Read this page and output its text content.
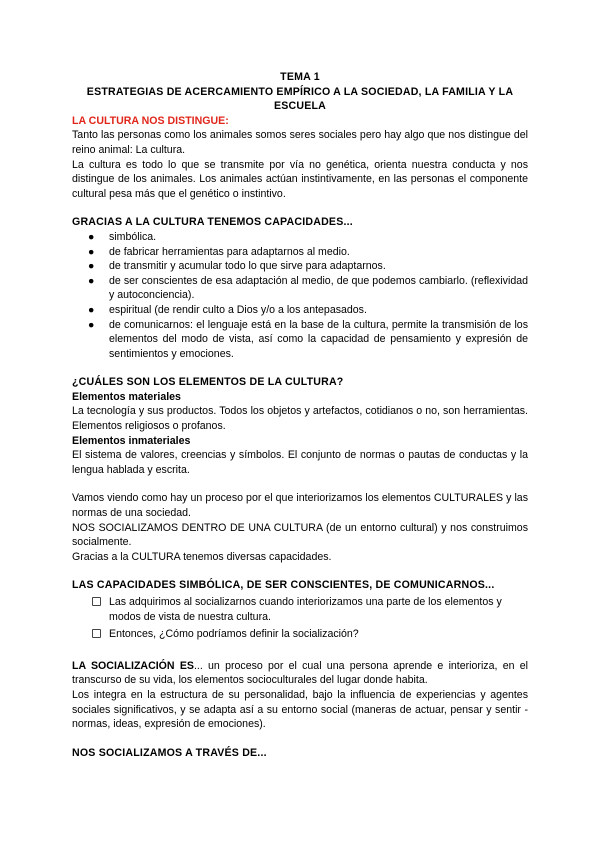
TEMA 1

ESTRATEGIAS DE ACERCAMIENTO EMPÍRICO A LA SOCIEDAD, LA FAMILIA Y LA

ESCUELA

LA CULTURA NOS DISTINGUE:

Tanto las personas como los animales somos seres sociales pero hay algo que nos distingue del reino animal: La cultura.

La cultura es todo lo que se transmite por vía no genética, orienta nuestra conducta y nos distingue de los animales. Los animales actúan instintivamente, en las personas el componente cultural pesa más que el genético o instintivo.

GRACIAS A LA CULTURA TENEMOS CAPACIDADES...

● simbólica.
● de fabricar herramientas para adaptarnos al medio.
● de transmitir y acumular todo lo que sirve para adaptarnos.
● de ser conscientes de esa adaptación al medio, de que podemos cambiarlo. (reflexividad y autoconciencia).
● espiritual (de rendir culto a Dios y/o a los antepasados.
● de comunicarnos: el lenguaje está en la base de la cultura, permite la transmisión de los elementos del modo de vista, así como la capacidad de pensamiento y expresión de sentimientos y emociones.

¿CUÁLES SON LOS ELEMENTOS DE LA CULTURA?

Elementos materiales

La tecnología y sus productos. Todos los objetos y artefactos, cotidianos o no, son herramientas. Elementos religiosos o profanos.

Elementos inmateriales

El sistema de valores, creencias y símbolos. El conjunto de normas o pautas de conductas y la lengua hablada y escrita.

Vamos viendo como hay un proceso por el que interiorizamos los elementos CULTURALES y las normas de una sociedad.

NOS SOCIALIZAMOS DENTRO DE UNA CULTURA (de un entorno cultural) y nos construimos socialmente.

Gracias a la CULTURA tenemos diversas capacidades.

LAS CAPACIDADES SIMBÓLICA, DE SER CONSCIENTES, DE COMUNICARNOS...

Las adquirimos al socializarnos cuando interiorizamos una parte de los elementos y modos de vista de nuestra cultura.
Entonces, ¿Cómo podríamos definir la socialización?

LA SOCIALIZACIÓN ES... un proceso por el cual una persona aprende e interioriza, en el transcurso de su vida, los elementos socioculturales del lugar donde habita.

Los integra en la estructura de su personalidad, bajo la influencia de experiencias y agentes sociales significativos, y se adapta así a su entorno social (maneras de actuar, pensar y sentir - normas, ideas, expresión de emociones).

NOS SOCIALIZAMOS A TRAVÉS DE...
